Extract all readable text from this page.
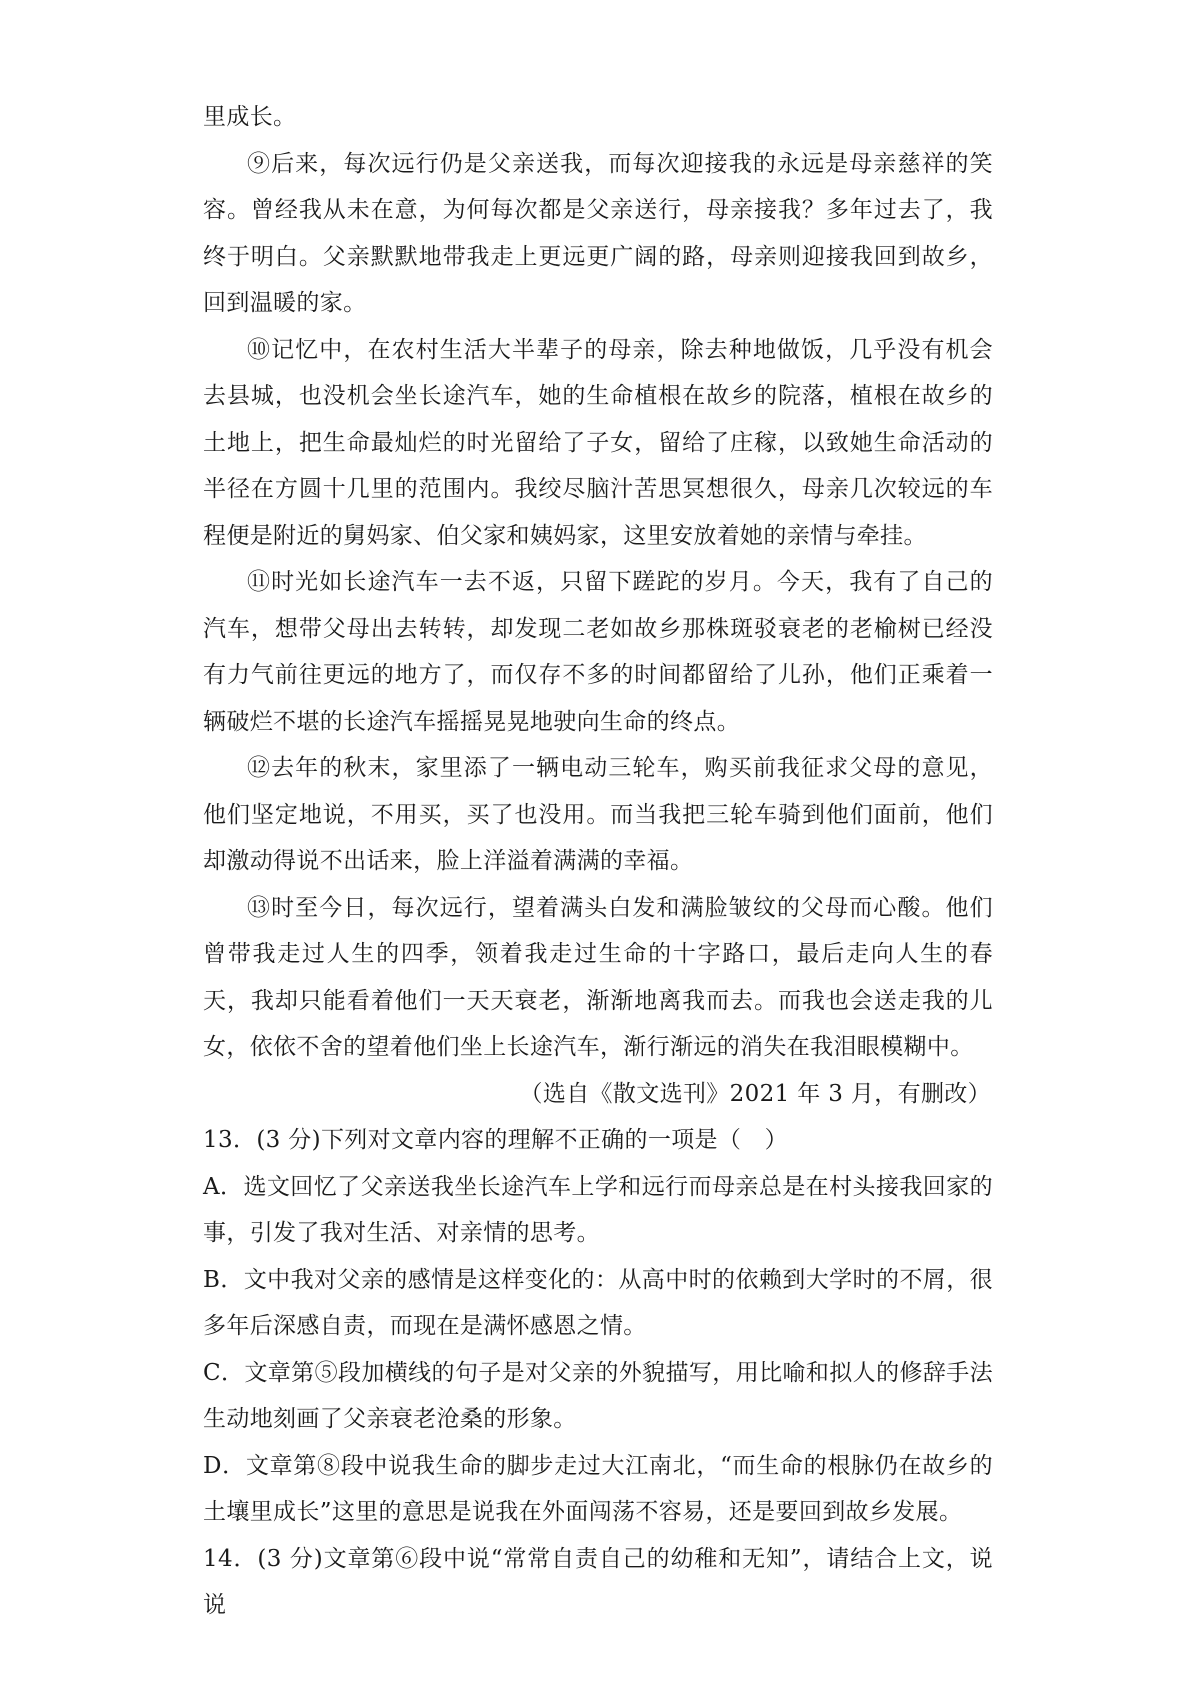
里成长。

⑨后来，每次远行仍是父亲送我，而每次迎接我的永远是母亲慈祥的笑容。曾经我从未在意，为何每次都是父亲送行，母亲接我？多年过去了，我终于明白。父亲默默地带我走上更远更广阔的路，母亲则迎接我回到故乡，回到温暖的家。

⑩记忆中，在农村生活大半辈子的母亲，除去种地做饭，几乎没有机会去县城，也没机会坐长途汽车，她的生命植根在故乡的院落，植根在故乡的土地上，把生命最灿烂的时光留给了子女，留给了庄稼，以致她生命活动的半径在方圆十几里的范围内。我绞尽脑汁苦思冥想很久，母亲几次较远的车程便是附近的舅妈家、伯父家和姨妈家，这里安放着她的亲情与牵挂。

⑪时光如长途汽车一去不返，只留下蹉跎的岁月。今天，我有了自己的汽车，想带父母出去转转，却发现二老如故乡那株斑驳衰老的老榆树已经没有力气前往更远的地方了，而仅存不多的时间都留给了儿孙，他们正乘着一辆破烂不堪的长途汽车摇摇晃晃地驶向生命的终点。

⑫去年的秋末，家里添了一辆电动三轮车，购买前我征求父母的意见，他们坚定地说，不用买，买了也没用。而当我把三轮车骑到他们面前，他们却激动得说不出话来，脸上洋溢着满满的幸福。

⑬时至今日，每次远行，望着满头白发和满脸皱纹的父母而心酸。他们曾带我走过人生的四季，领着我走过生命的十字路口，最后走向人生的春天，我却只能看着他们一天天衰老，渐渐地离我而去。而我也会送走我的儿女，依依不舍的望着他们坐上长途汽车，渐行渐远的消失在我泪眼模糊中。

（选自《散文选刊》2021 年 3 月，有删改）

13．(3 分)下列对文章内容的理解不正确的一项是（　）

A．选文回忆了父亲送我坐长途汽车上学和远行而母亲总是在村头接我回家的事，引发了我对生活、对亲情的思考。

B．文中我对父亲的感情是这样变化的：从高中时的依赖到大学时的不屑，很多年后深感自责，而现在是满怀感恩之情。

C．文章第⑤段加横线的句子是对父亲的外貌描写，用比喻和拟人的修辞手法生动地刻画了父亲衰老沧桑的形象。

D．文章第⑧段中说我生命的脚步走过大江南北，“而生命的根脉仍在故乡的土壤里成长”这里的意思是说我在外面闯荡不容易，还是要回到故乡发展。

14．(3 分)文章第⑥段中说“常常自责自己的幼稚和无知”，请结合上文，说说
